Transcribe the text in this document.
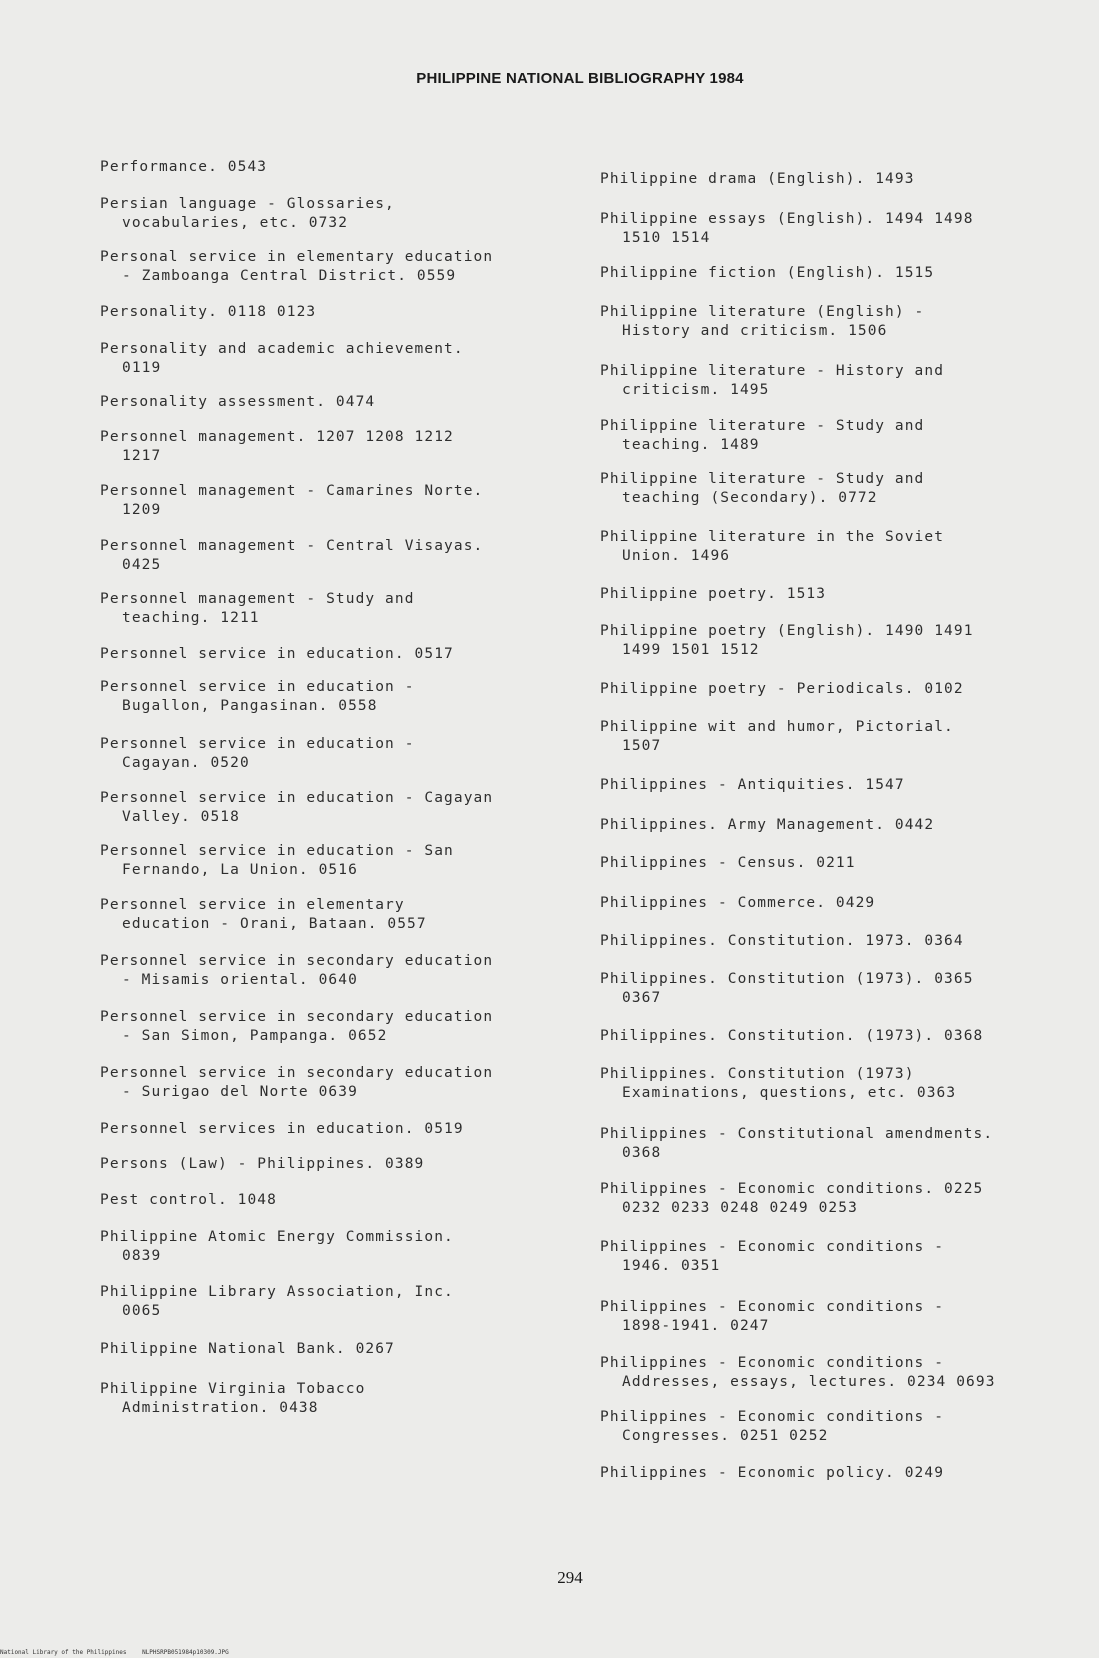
PHILIPPINE NATIONAL BIBLIOGRAPHY 1984
Performance. 0543
Persian language - Glossaries,
vocabularies, etc. 0732
Personal service in elementary education
- Zamboanga Central District. 0559
Personality. 0118 0123
Personality and academic achievement.
0119
Personality assessment. 0474
Personnel management. 1207 1208 1212
1217
Personnel management - Camarines Norte.
1209
Personnel management - Central Visayas.
0425
Personnel management - Study and
teaching. 1211
Personnel service in education. 0517
Personnel service in education -
Bugallon, Pangasinan. 0558
Personnel service in education -
Cagayan. 0520
Personnel service in education - Cagayan
Valley. 0518
Personnel service in education - San
Fernando, La Union. 0516
Personnel service in elementary
education - Orani, Bataan. 0557
Personnel service in secondary education
- Misamis oriental. 0640
Personnel service in secondary education
- San Simon, Pampanga. 0652
Personnel service in secondary education
- Surigao del Norte 0639
Personnel services in education. 0519
Persons (Law) - Philippines. 0389
Pest control. 1048
Philippine Atomic Energy Commission.
0839
Philippine Library Association, Inc.
0065
Philippine National Bank. 0267
Philippine Virginia Tobacco
Administration. 0438
Philippine drama (English). 1493
Philippine essays (English). 1494 1498
1510 1514
Philippine fiction (English). 1515
Philippine literature (English) -
History and criticism. 1506
Philippine literature - History and
criticism. 1495
Philippine literature - Study and
teaching. 1489
Philippine literature - Study and
teaching (Secondary). 0772
Philippine literature in the Soviet
Union. 1496
Philippine poetry. 1513
Philippine poetry (English). 1490 1491
1499 1501 1512
Philippine poetry - Periodicals. 0102
Philippine wit and humor, Pictorial.
1507
Philippines - Antiquities. 1547
Philippines. Army Management. 0442
Philippines - Census. 0211
Philippines - Commerce. 0429
Philippines. Constitution. 1973. 0364
Philippines. Constitution (1973). 0365
0367
Philippines. Constitution. (1973). 0368
Philippines. Constitution (1973)
Examinations, questions, etc. 0363
Philippines - Constitutional amendments.
0368
Philippines - Economic conditions. 0225
0232 0233 0248 0249 0253
Philippines - Economic conditions -
1946. 0351
Philippines - Economic conditions -
1898-1941. 0247
Philippines - Economic conditions -
Addresses, essays, lectures. 0234 0693
Philippines - Economic conditions -
Congresses. 0251 0252
Philippines - Economic policy. 0249
294
National Library of the Philippines	NLPHSRPB051984p10309.JPG
